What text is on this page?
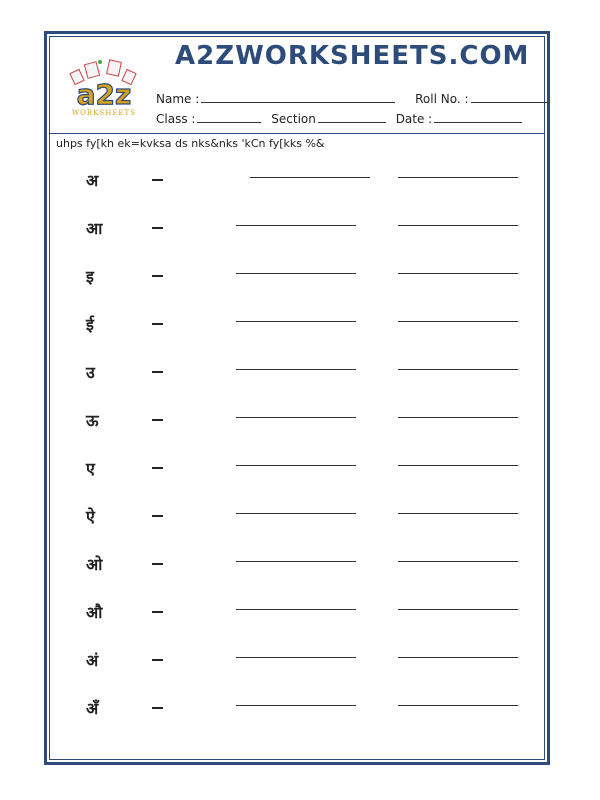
A2ZWORKSHEETS.COM
a2z
WORKSHEETS
Name :	Roll No. :
Class :	Section	Date :
uhps fy[kh ek=kvksa ds nks&nks 'kCn fy[kks %&
अ
आ
इ
ई
उ
ऊ
ए
ऐ
ओ
औ
अं
अँ
